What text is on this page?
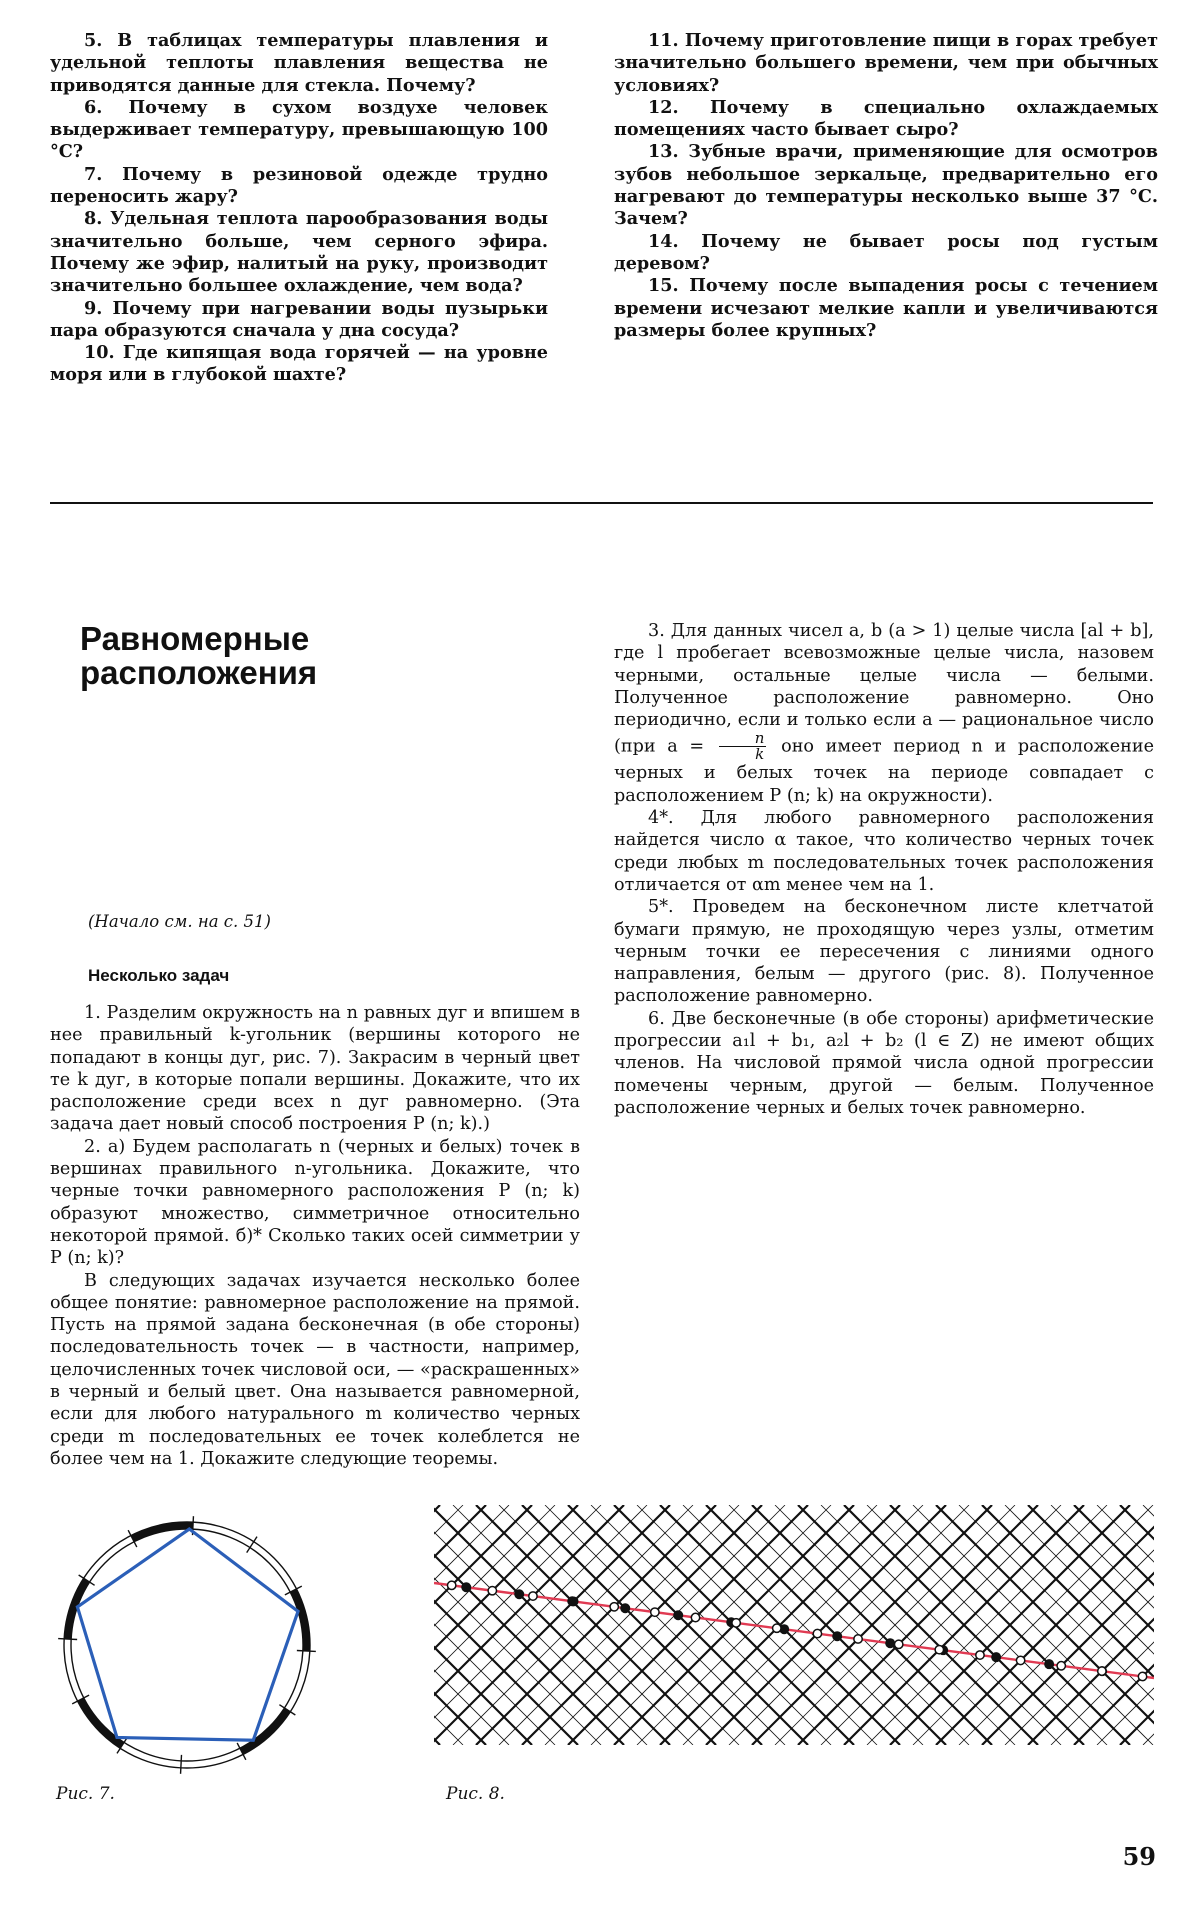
5. В таблицах температуры плавления и удельной теплоты плавления вещества не приводятся данные для стекла. Почему?

6. Почему в сухом воздухе человек выдерживает температуру, превышающую 100 °С?

7. Почему в резиновой одежде трудно переносить жару?

8. Удельная теплота парообразования воды значительно больше, чем серного эфира. Почему же эфир, налитый на руку, производит значительно большее охлаждение, чем вода?

9. Почему при нагревании воды пузырьки пара образуются сначала у дна сосуда?

10. Где кипящая вода горячей — на уровне моря или в глубокой шахте?

11. Почему приготовление пищи в горах требует значительно большего времени, чем при обычных условиях?

12. Почему в специально охлаждаемых помещениях часто бывает сыро?

13. Зубные врачи, применяющие для осмотров зубов небольшое зеркальце, предварительно его нагревают до температуры несколько выше 37 °С. Зачем?

14. Почему не бывает росы под густым деревом?

15. Почему после выпадения росы с течением времени исчезают мелкие капли и увеличиваются размеры более крупных?

Равномерные
расположения
(Начало см. на с. 51)
Несколько задач

1. Разделим окружность на n равных дуг и впишем в нее правильный k-угольник (вершины которого не попадают в концы дуг, рис. 7). Закрасим в черный цвет те k дуг, в которые попали вершины. Докажите, что их расположение среди всех n дуг равномерно. (Эта задача дает новый способ построения P (n; k).)

2. а) Будем располагать n (черных и белых) точек в вершинах правильного n-угольника. Докажите, что черные точки равномерного расположения P (n; k) образуют множество, симметричное относительно некоторой прямой. б)* Сколько таких осей симметрии у P (n; k)?

В следующих задачах изучается несколько более общее понятие: равномерное расположение на прямой. Пусть на прямой задана бесконечная (в обе стороны) последовательность точек — в частности, например, целочисленных точек числовой оси, — «раскрашенных» в черный и белый цвет. Она называется равномерной, если для любого натурального m количество черных среди m последовательных ее точек колеблется не более чем на 1. Докажите следующие теоремы.

3. Для данных чисел a, b (a > 1) целые числа [al + b], где l пробегает всевозможные целые числа, назовем черными, остальные целые числа — белыми. Полученное расположение равномерно. Оно периодично, если и только если a — рациональное число (при $a = \frac{n}{k}$ оно имеет период n и расположение черных и белых точек на периоде совпадает с расположением P (n; k) на окружности).

4*. Для любого равномерного расположения найдется число α такое, что количество черных точек среди любых m последовательных точек расположения отличается от αm менее чем на 1.

5*. Проведем на бесконечном листе клетчатой бумаги прямую, не проходящую через узлы, отметим черным точки ее пересечения с линиями одного направления, белым — другого (рис. 8). Полученное расположение равномерно.

6. Две бесконечные (в обе стороны) арифметические прогрессии a₁l + b₁, a₂l + b₂ (l ∈ Z) не имеют общих членов. На числовой прямой числа одной прогрессии помечены черным, другой — белым. Полученное расположение черных и белых точек равномерно.

Рис. 7.	Рис. 8.
59
